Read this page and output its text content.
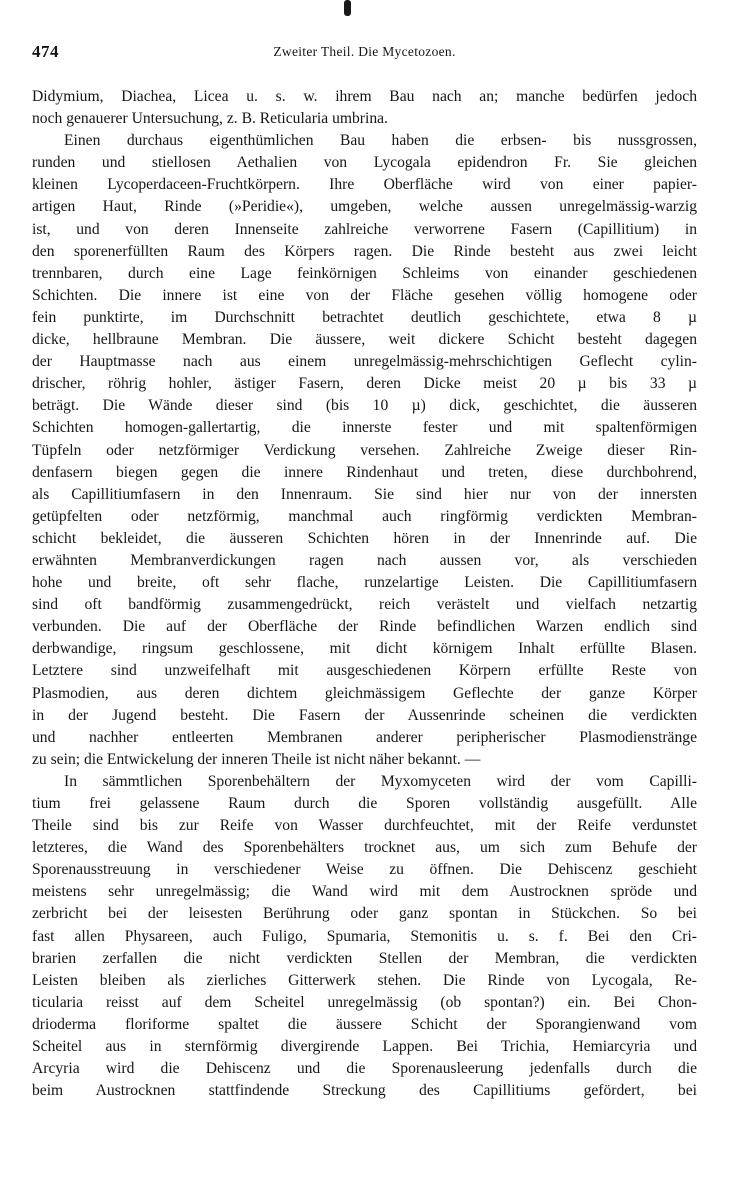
474	Zweiter Theil. Die Mycetozoen.
Didymium, Diachea, Licea u. s. w. ihrem Bau nach an; manche bedürfen jedoch
noch genauerer Untersuchung, z. B. Reticularia umbrina.
Einen durchaus eigenthümlichen Bau haben die erbsen- bis nussgrossen,
runden und stiellosen Aethalien von Lycogala epidendron Fr. Sie gleichen
kleinen Lycoperdaceen-Fruchtkörpern. Ihre Oberfläche wird von einer papier-
artigen Haut, Rinde (»Peridie«), umgeben, welche aussen unregelmässig-warzig
ist, und von deren Innenseite zahlreiche verworrene Fasern (Capillitium) in
den sporenerfüllten Raum des Körpers ragen. Die Rinde besteht aus zwei leicht
trennbaren, durch eine Lage feinkörnigen Schleims von einander geschiedenen
Schichten. Die innere ist eine von der Fläche gesehen völlig homogene oder
fein punktirte, im Durchschnitt betrachtet deutlich geschichtete, etwa 8 µ
dicke, hellbraune Membran. Die äussere, weit dickere Schicht besteht dagegen
der Hauptmasse nach aus einem unregelmässig-mehrschichtigen Geflecht cylin-
drischer, röhrig hohler, ästiger Fasern, deren Dicke meist 20 µ bis 33 µ
beträgt. Die Wände dieser sind (bis 10 µ) dick, geschichtet, die äusseren
Schichten homogen-gallertartig, die innerste fester und mit spaltenförmigen
Tüpfeln oder netzförmiger Verdickung versehen. Zahlreiche Zweige dieser Rin-
denfasern biegen gegen die innere Rindenhaut und treten, diese durchbohrend,
als Capillitiumfasern in den Innenraum. Sie sind hier nur von der innersten
getüpfelten oder netzförmig, manchmal auch ringförmig verdickten Membran-
schicht bekleidet, die äusseren Schichten hören in der Innenrinde auf. Die
erwähnten Membranverdickungen ragen nach aussen vor, als verschieden
hohe und breite, oft sehr flache, runzelartige Leisten. Die Capillitiumfasern
sind oft bandförmig zusammengedrückt, reich verästelt und vielfach netzartig
verbunden. Die auf der Oberfläche der Rinde befindlichen Warzen endlich sind
derbwandige, ringsum geschlossene, mit dicht körnigem Inhalt erfüllte Blasen.
Letztere sind unzweifelhaft mit ausgeschiedenen Körpern erfüllte Reste von
Plasmodien, aus deren dichtem gleichmässigem Geflechte der ganze Körper
in der Jugend besteht. Die Fasern der Aussenrinde scheinen die verdickten
und nachher entleerten Membranen anderer peripherischer Plasmodienstränge
zu sein; die Entwickelung der inneren Theile ist nicht näher bekannt. —
In sämmtlichen Sporenbehältern der Myxomyceten wird der vom Capilli-
tium frei gelassene Raum durch die Sporen vollständig ausgefüllt. Alle
Theile sind bis zur Reife von Wasser durchfeuchtet, mit der Reife verdunstet
letzteres, die Wand des Sporenbehälters trocknet aus, um sich zum Behufe der
Sporenausstreuung in verschiedener Weise zu öffnen. Die Dehiscenz geschieht
meistens sehr unregelmässig; die Wand wird mit dem Austrocknen spröde und
zerbricht bei der leisesten Berührung oder ganz spontan in Stückchen. So bei
fast allen Physareen, auch Fuligo, Spumaria, Stemonitis u. s. f. Bei den Cri-
brarien zerfallen die nicht verdickten Stellen der Membran, die verdickten
Leisten bleiben als zierliches Gitterwerk stehen. Die Rinde von Lycogala, Re-
ticularia reisst auf dem Scheitel unregelmässig (ob spontan?) ein. Bei Chon-
drioderma floriforme spaltet die äussere Schicht der Sporangienwand vom
Scheitel aus in sternförmig divergirende Lappen. Bei Trichia, Hemiarcyria und
Arcyria wird die Dehiscenz und die Sporenausleerung jedenfalls durch die
beim Austrocknen stattfindende Streckung des Capillitiums gefördert, bei
